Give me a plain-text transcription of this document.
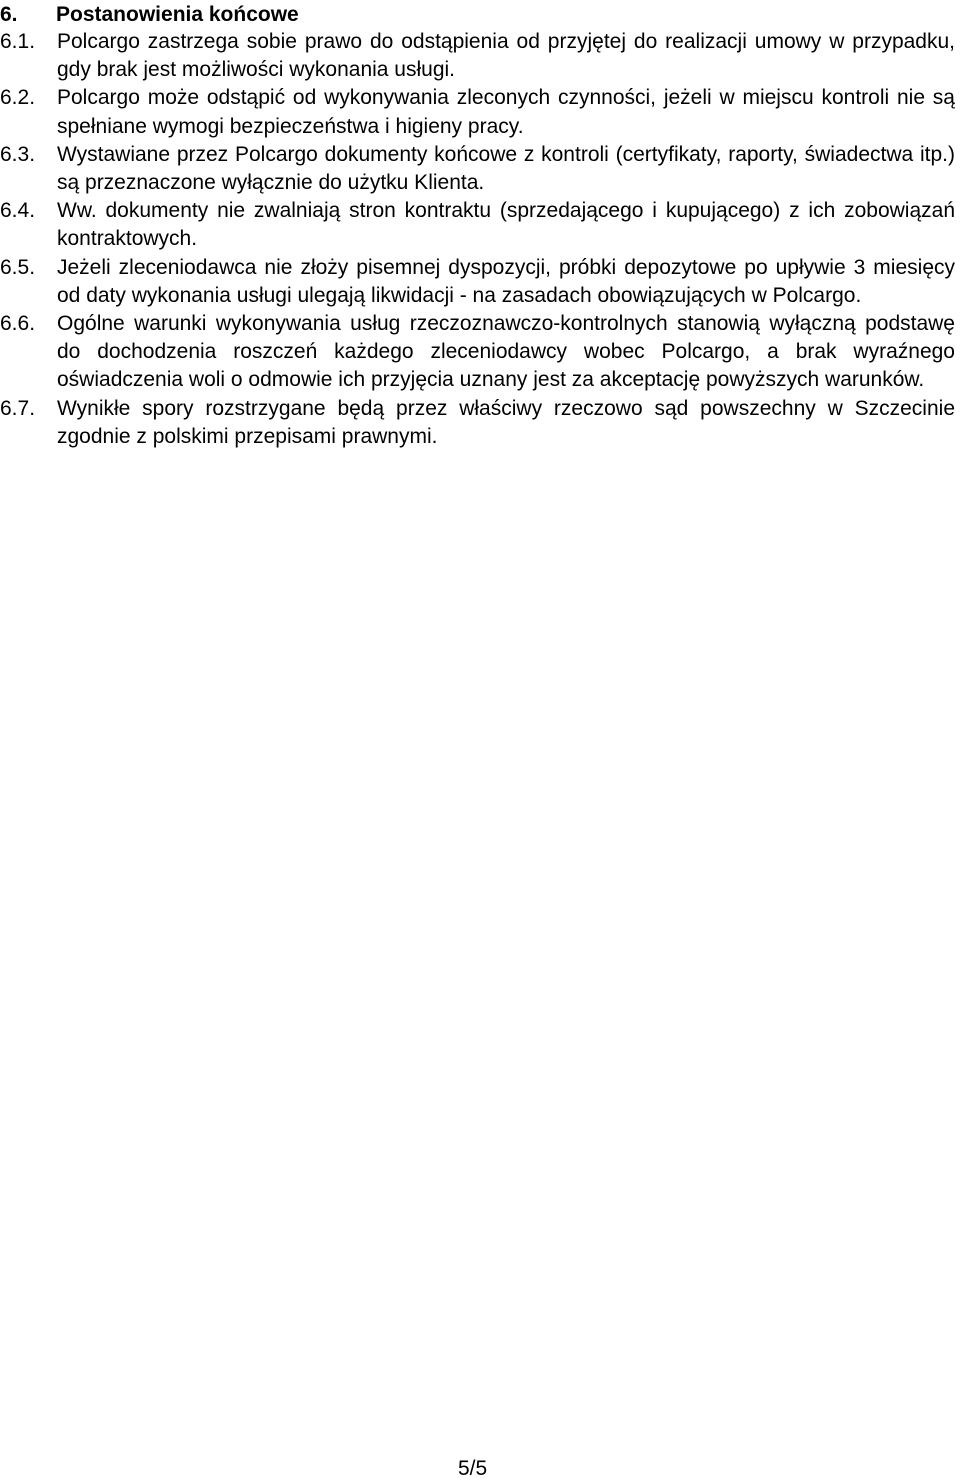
6. Postanowienia końcowe
6.1. Polcargo zastrzega sobie prawo do odstąpienia od przyjętej do realizacji umowy w przypadku, gdy brak jest możliwości wykonania usługi.
6.2. Polcargo może odstąpić od wykonywania zleconych czynności, jeżeli w miejscu kontroli nie są spełniane wymogi bezpieczeństwa i higieny pracy.
6.3. Wystawiane przez Polcargo dokumenty końcowe z kontroli (certyfikaty, raporty, świadectwa itp.) są przeznaczone wyłącznie do użytku Klienta.
6.4. Ww. dokumenty nie zwalniają stron kontraktu (sprzedającego i kupującego) z ich zobowiązań kontraktowych.
6.5. Jeżeli zleceniodawca nie złoży pisemnej dyspozycji, próbki depozytowe po upływie 3 miesięcy od daty wykonania usługi ulegają likwidacji - na zasadach obowiązujących w Polcargo.
6.6. Ogólne warunki wykonywania usług rzeczoznawczo-kontrolnych stanowią wyłączną podstawę do dochodzenia roszczeń każdego zleceniodawcy wobec Polcargo, a brak wyraźnego oświadczenia woli o odmowie ich przyjęcia uznany jest za akceptację powyższych warunków.
6.7. Wynikłe spory rozstrzygane będą przez właściwy rzeczowo sąd powszechny w Szczecinie zgodnie z polskimi przepisami prawnymi.
5/5
